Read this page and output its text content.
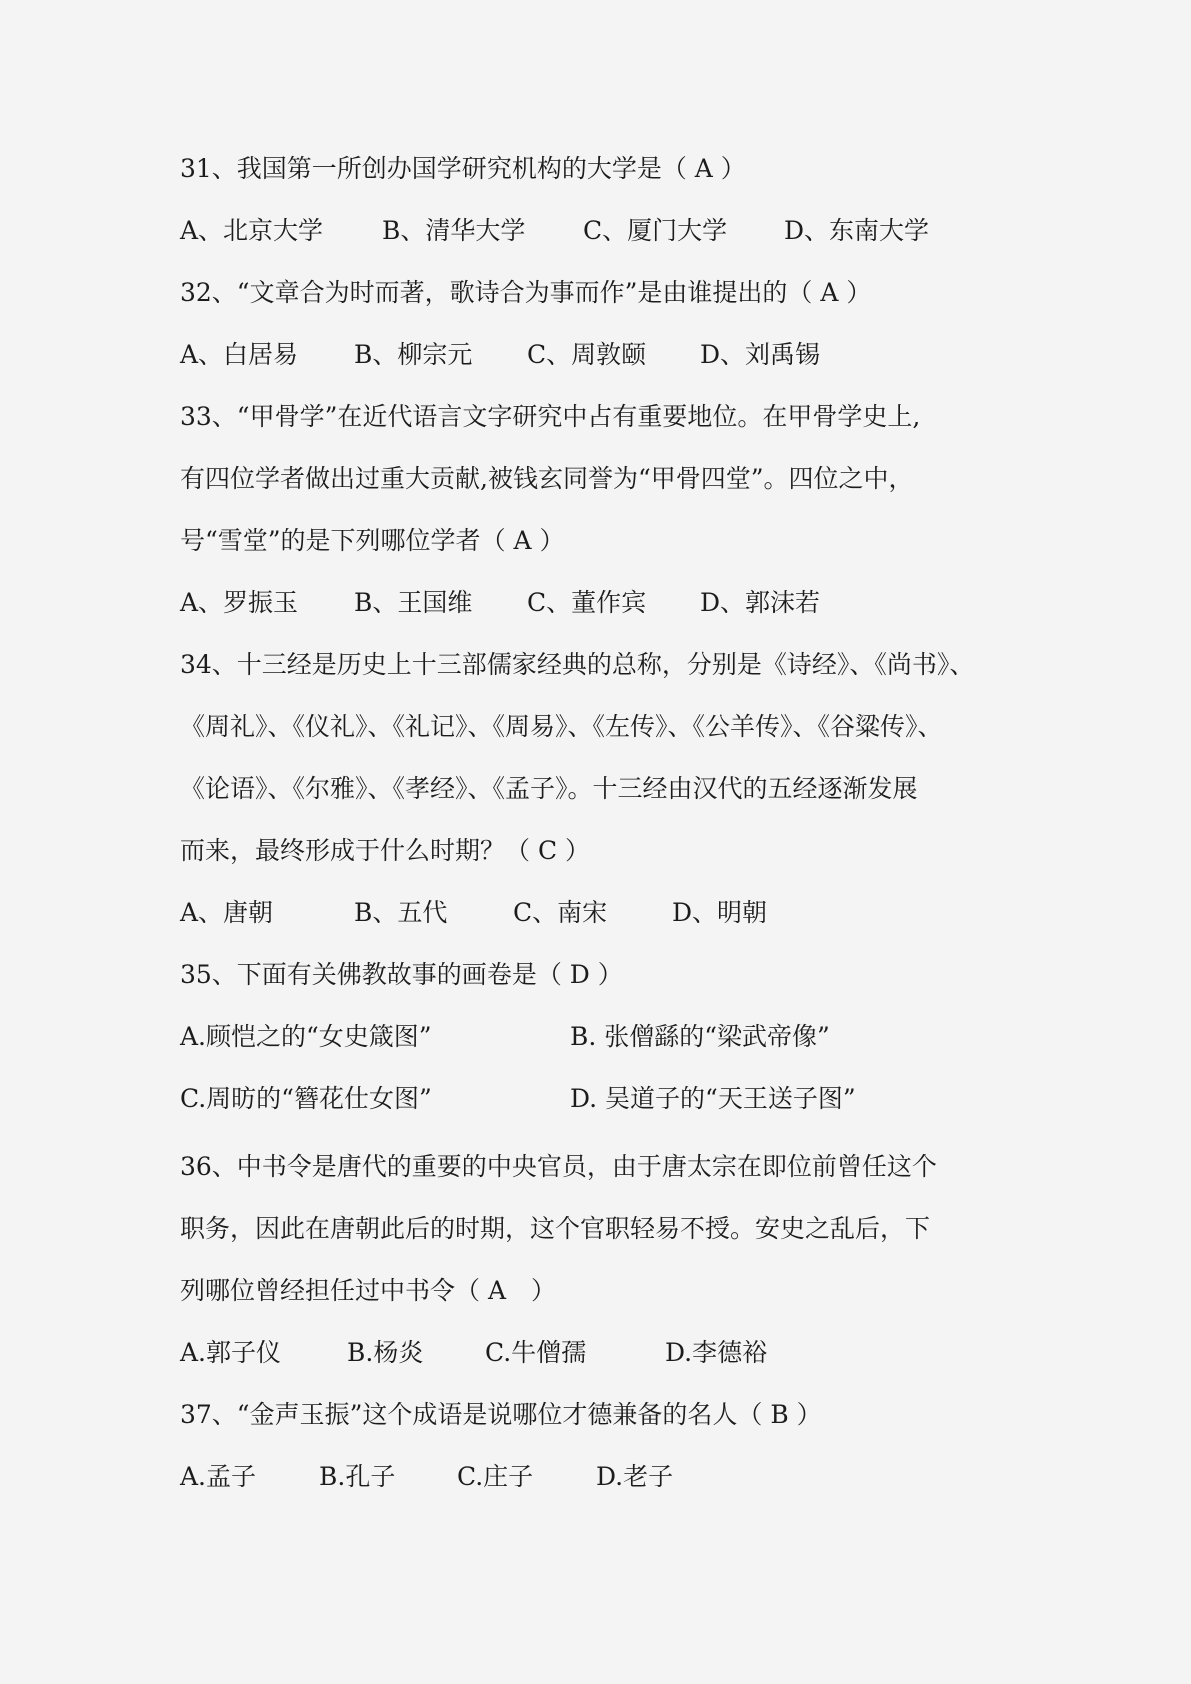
31、我国第一所创办国学研究机构的大学是（ A ）
A、北京大学 B、清华大学 C、厦门大学 D、东南大学
32、“文章合为时而著，歌诗合为事而作”是由谁提出的（ A ）
A、白居易 B、柳宗元 C、周敦颐 D、刘禹锡
33、“甲骨学”在近代语言文字研究中占有重要地位。在甲骨学史上,
有四位学者做出过重大贡献,被钱玄同誉为“甲骨四堂”。四位之中，
号“雪堂”的是下列哪位学者（ A ）
A、罗振玉 B、王国维 C、董作宾 D、郭沫若
34、十三经是历史上十三部儒家经典的总称，分别是《诗经》、《尚书》、
《周礼》、《仪礼》、《礼记》、《周易》、《左传》、《公羊传》、《谷粱传》、
《论语》、《尔雅》、《孝经》、《孟子》。十三经由汉代的五经逐渐发展
而来，最终形成于什么时期？（ C ）
A、唐朝	B、五代	C、南宋	D、明朝
35、下面有关佛教故事的画卷是（ D ）
A.顾恺之的“女史箴图”	B. 张僧繇的“梁武帝像”
C.周昉的“簪花仕女图”	D. 吴道子的“天王送子图”
36、中书令是唐代的重要的中央官员，由于唐太宗在即位前曾任这个
职务，因此在唐朝此后的时期，这个官职轻易不授。安史之乱后，下
列哪位曾经担任过中书令（ A　）
A.郭子仪	B.杨炎 C.牛僧孺	D.李德裕
37、“金声玉振”这个成语是说哪位才德兼备的名人（ B ）
A.孟子	B.孔子 C.庄子	D.老子
